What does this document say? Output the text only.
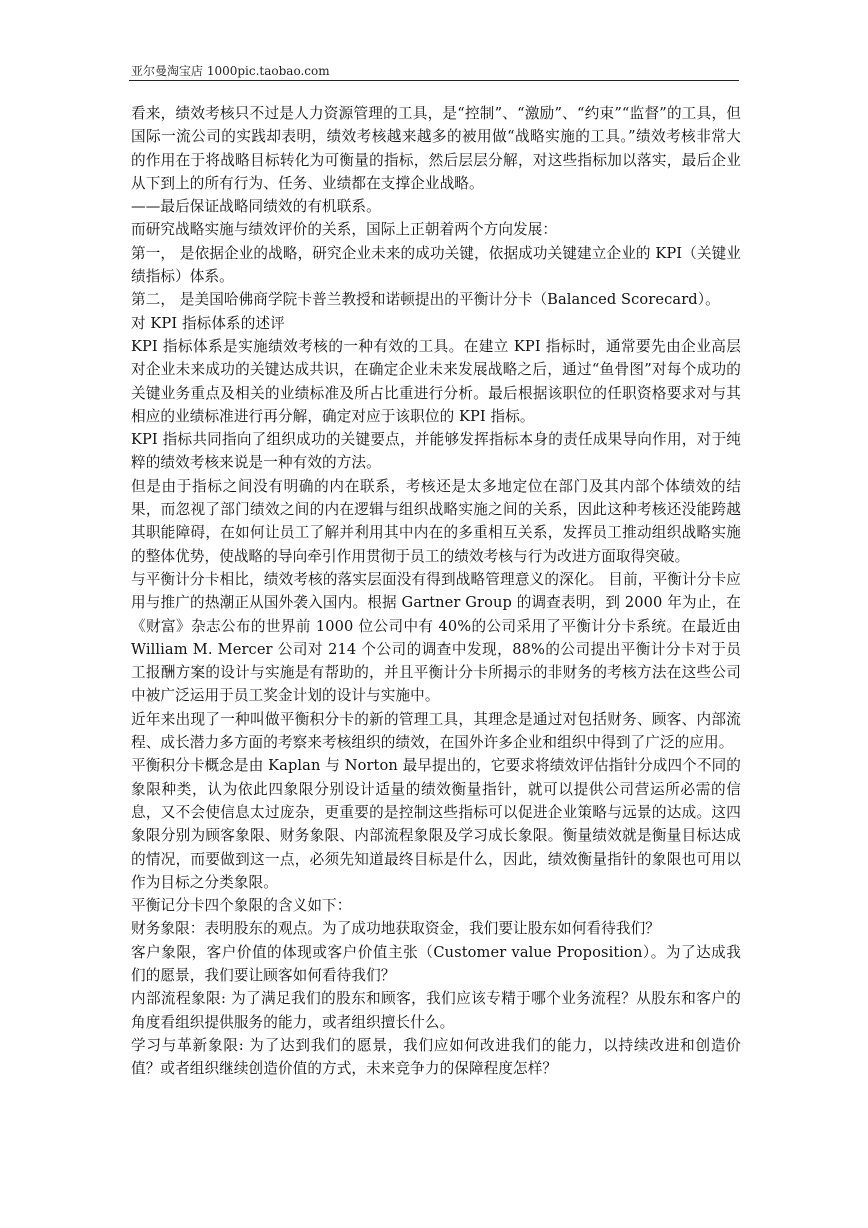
亚尔曼淘宝店 1000pic.taobao.com

看来，绩效考核只不过是人力资源管理的工具，是“控制”、“激励”、“约束”“监督”的工具，但国际一流公司的实践却表明，绩效考核越来越多的被用做“战略实施的工具。”绩效考核非常大的作用在于将战略目标转化为可衡量的指标，然后层层分解，对这些指标加以落实，最后企业从下到上的所有行为、任务、业绩都在支撑企业战略。

——最后保证战略同绩效的有机联系。

而研究战略实施与绩效评价的关系，国际上正朝着两个方向发展：

第一， 是依据企业的战略，研究企业未来的成功关键，依据成功关键建立企业的 KPI（关键业绩指标）体系。

第二， 是美国哈佛商学院卡普兰教授和诺顿提出的平衡计分卡（Balanced Scorecard）。

对 KPI 指标体系的述评

KPI 指标体系是实施绩效考核的一种有效的工具。在建立 KPI 指标时，通常要先由企业高层对企业未来成功的关键达成共识，在确定企业未来发展战略之后，通过“鱼骨图”对每个成功的关键业务重点及相关的业绩标准及所占比重进行分析。最后根据该职位的任职资格要求对与其相应的业绩标准进行再分解，确定对应于该职位的 KPI 指标。

KPI 指标共同指向了组织成功的关键要点，并能够发挥指标本身的责任成果导向作用，对于纯粹的绩效考核来说是一种有效的方法。

但是由于指标之间没有明确的内在联系，考核还是太多地定位在部门及其内部个体绩效的结果，而忽视了部门绩效之间的内在逻辑与组织战略实施之间的关系，因此这种考核还没能跨越其职能障碍，在如何让员工了解并利用其中内在的多重相互关系，发挥员工推动组织战略实施的整体优势，使战略的导向牵引作用贯彻于员工的绩效考核与行为改进方面取得突破。

与平衡计分卡相比，绩效考核的落实层面没有得到战略管理意义的深化。 目前，平衡计分卡应用与推广的热潮正从国外袭入国内。根据 Gartner Group 的调查表明，到 2000 年为止，在《财富》杂志公布的世界前 1000 位公司中有 40%的公司采用了平衡计分卡系统。在最近由 William M. Mercer 公司对 214 个公司的调查中发现，88%的公司提出平衡计分卡对于员工报酬方案的设计与实施是有帮助的，并且平衡计分卡所揭示的非财务的考核方法在这些公司中被广泛运用于员工奖金计划的设计与实施中。

近年来出现了一种叫做平衡积分卡的新的管理工具，其理念是通过对包括财务、顾客、内部流程、成长潜力多方面的考察来考核组织的绩效，在国外许多企业和组织中得到了广泛的应用。

平衡积分卡概念是由 Kaplan 与 Norton 最早提出的，它要求将绩效评估指针分成四个不同的象限种类，认为依此四象限分别设计适量的绩效衡量指针，就可以提供公司营运所必需的信息，又不会使信息太过庞杂，更重要的是控制这些指标可以促进企业策略与远景的达成。这四象限分别为顾客象限、财务象限、内部流程象限及学习成长象限。衡量绩效就是衡量目标达成的情况，而要做到这一点，必须先知道最终目标是什么，因此，绩效衡量指针的象限也可用以作为目标之分类象限。

平衡记分卡四个象限的含义如下：

财务象限：表明股东的观点。为了成功地获取资金，我们要让股东如何看待我们？

客户象限，客户价值的体现或客户价值主张（Customer value Proposition）。为了达成我们的愿景，我们要让顾客如何看待我们？

内部流程象限: 为了满足我们的股东和顾客，我们应该专精于哪个业务流程？从股东和客户的角度看组织提供服务的能力，或者组织擅长什么。

学习与革新象限: 为了达到我们的愿景，我们应如何改进我们的能力，以持续改进和创造价值？或者组织继续创造价值的方式，未来竞争力的保障程度怎样？
